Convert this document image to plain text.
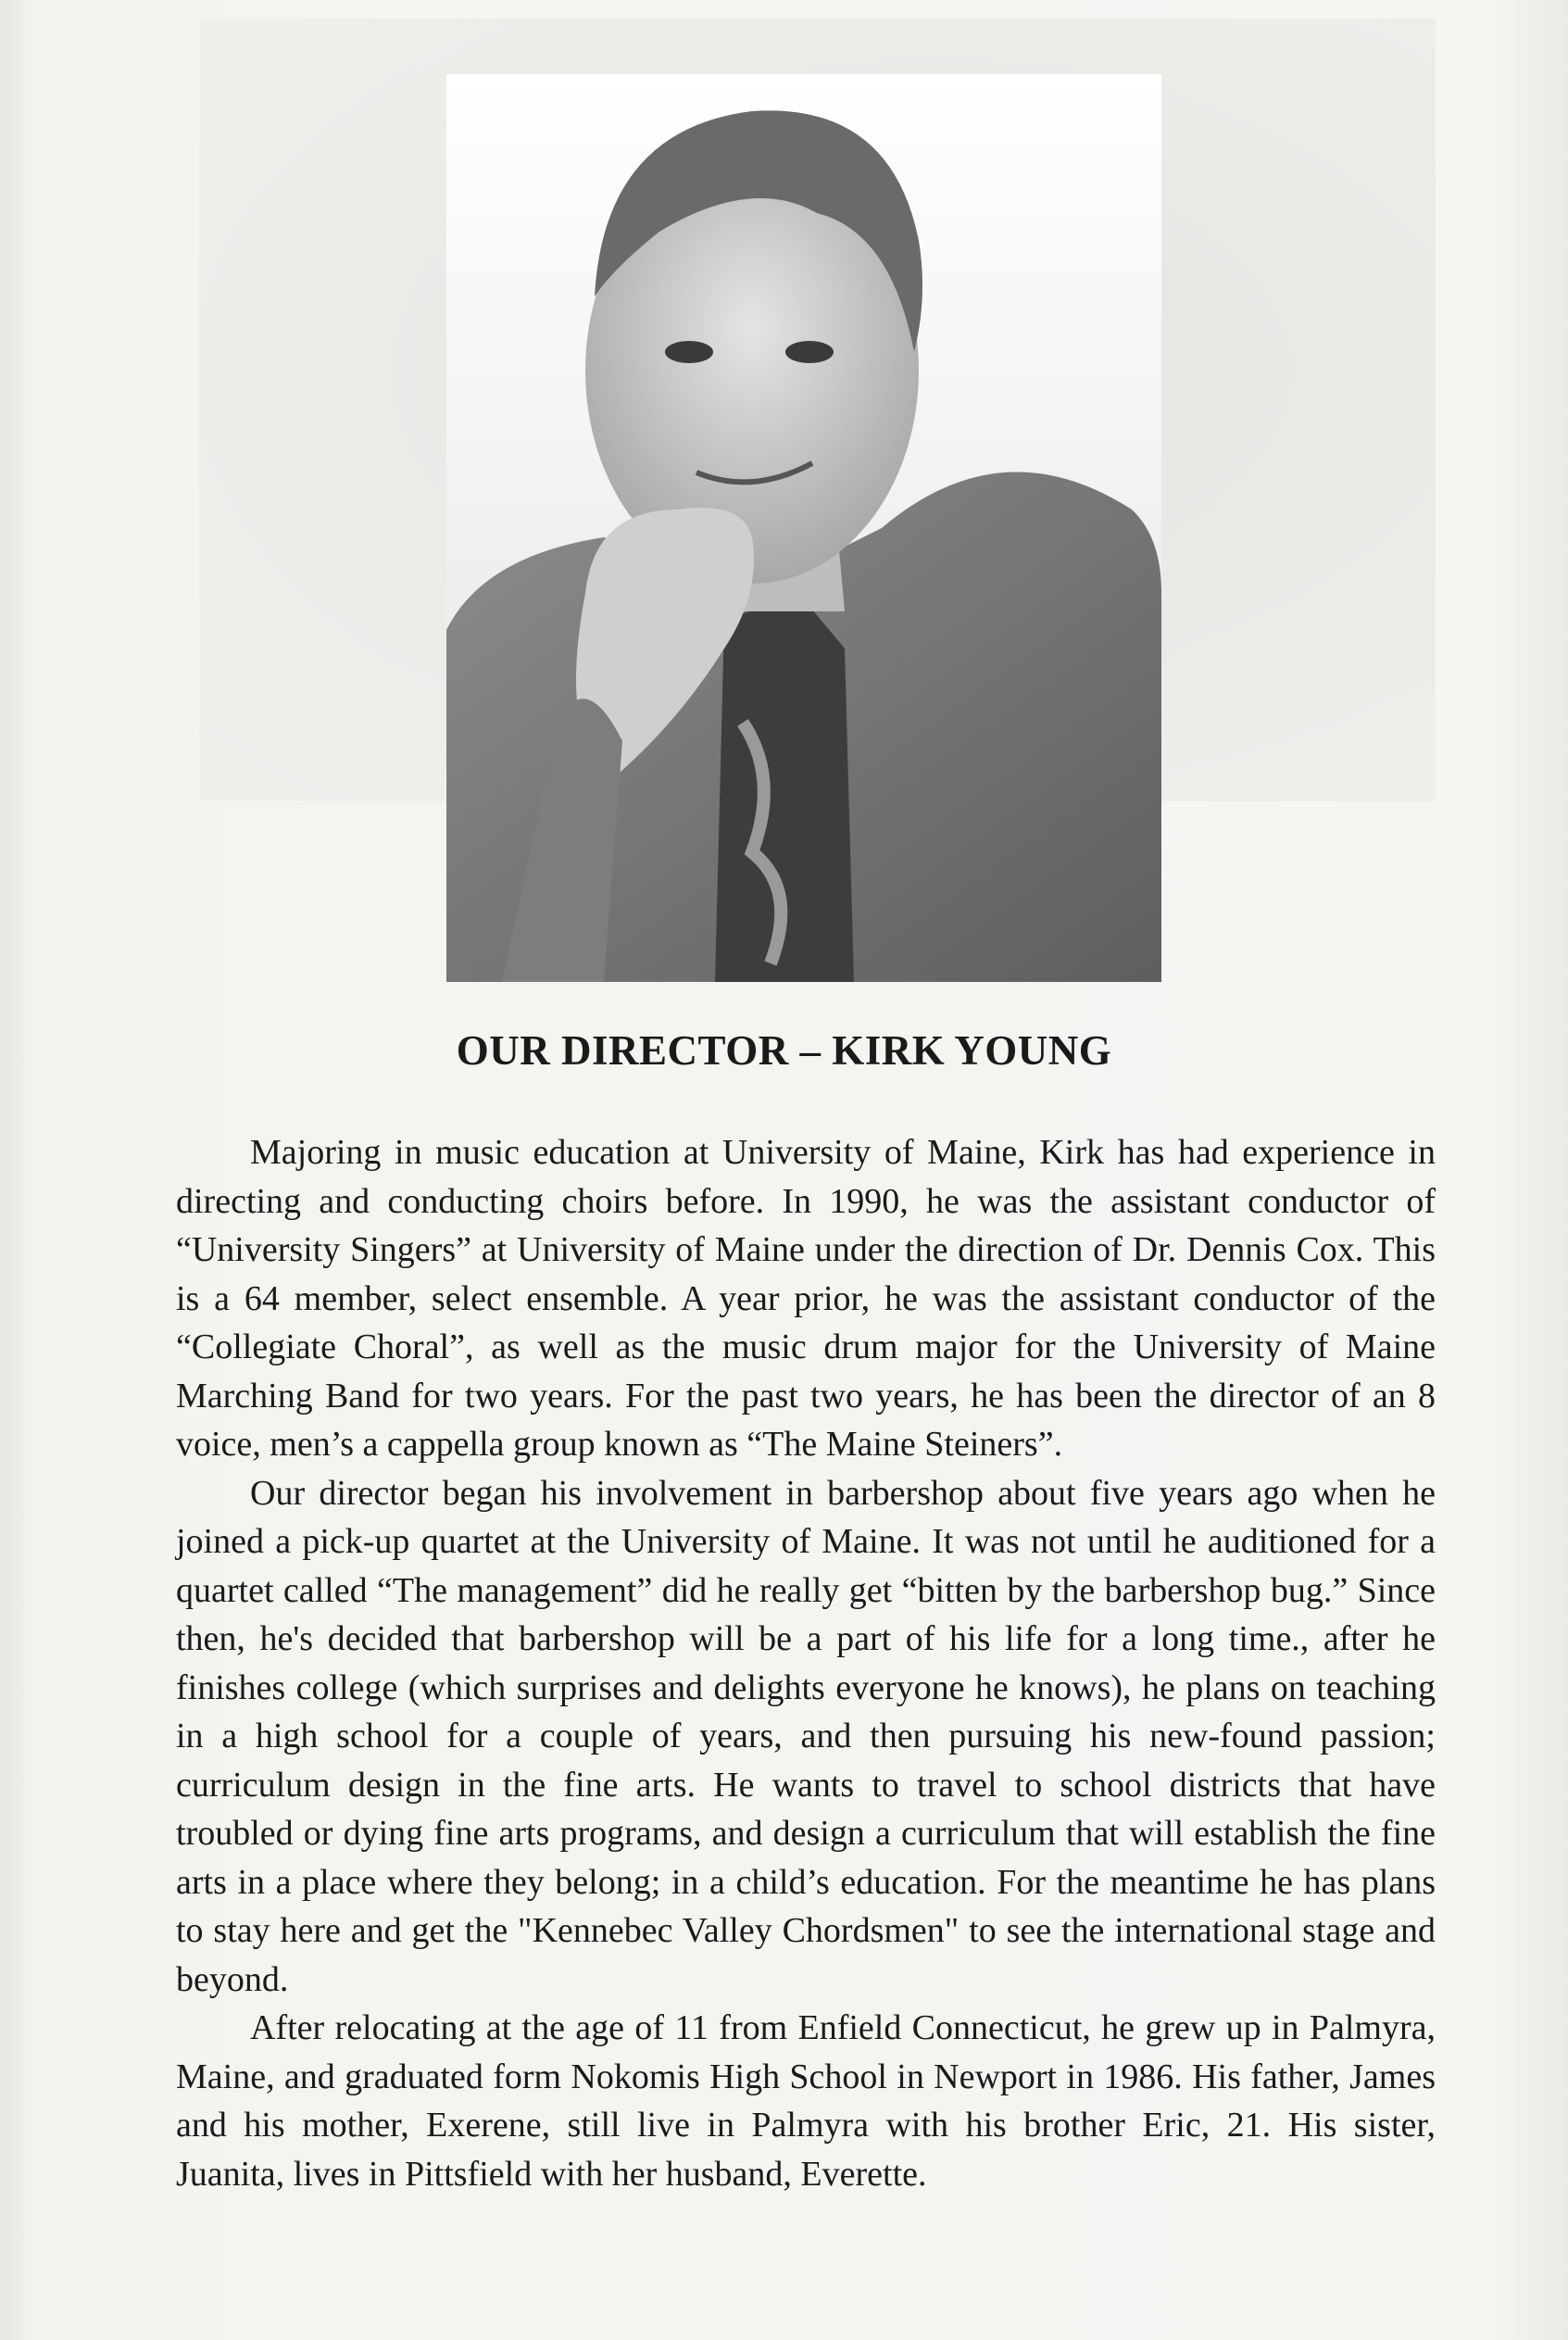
OUR DIRECTOR – KIRK YOUNG

Majoring in music education at University of Maine, Kirk has had experience in directing and conducting choirs before. In 1990, he was the assistant conductor of “University Singers” at University of Maine under the direction of Dr. Dennis Cox. This is a 64 member, select ensemble. A year prior, he was the assistant conductor of the “Collegiate Choral”, as well as the music drum major for the University of Maine Marching Band for two years. For the past two years, he has been the director of an 8 voice, men’s a cappella group known as “The Maine Steiners”.

Our director began his involvement in barbershop about five years ago when he joined a pick-up quartet at the University of Maine. It was not until he auditioned for a quartet called “The management” did he really get “bitten by the barbershop bug.” Since then, he's decided that barbershop will be a part of his life for a long time., after he finishes college (which surprises and delights everyone he knows), he plans on teaching in a high school for a couple of years, and then pursuing his new-found passion; curriculum design in the fine arts. He wants to travel to school districts that have troubled or dying fine arts programs, and design a curriculum that will establish the fine arts in a place where they belong; in a child’s education. For the meantime he has plans to stay here and get the "Kennebec Valley Chordsmen" to see the international stage and beyond.

After relocating at the age of 11 from Enfield Connecticut, he grew up in Palmyra, Maine, and graduated form Nokomis High School in Newport in 1986. His father, James and his mother, Exerene, still live in Palmyra with his brother Eric, 21. His sister, Juanita, lives in Pittsfield with her husband, Everette.
